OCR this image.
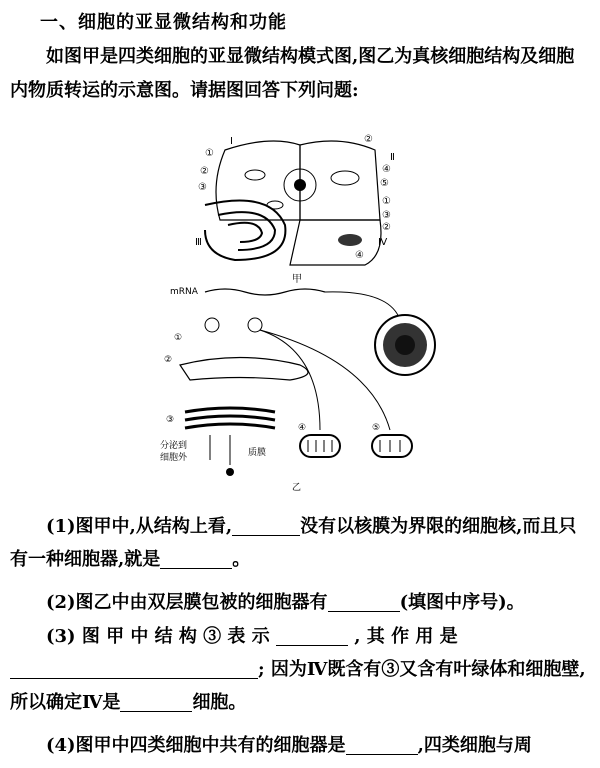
一、细胞的亚显微结构和功能
如图甲是四类细胞的亚显微结构模式图,图乙为真核细胞结构及细胞内物质转运的示意图。请据图回答下列问题:
Ⅰ
Ⅱ
Ⅲ	Ⅳ
①
②
③
②
④
⑤
①
③
②
④
甲
mRNA
①
②
③
分泌到
细胞外	质膜
④	⑤
乙
(1)图甲中,从结构上看,	没有以核膜为界限的细胞核,而且只有一种细胞器,就是	。
(2)图乙中由双层膜包被的细胞器有	(填图中序号)。
(3) 图 甲 中 结 构 ③ 表 示	, 其 作 用 是
; 因为Ⅳ既含有③又含有叶绿体和细胞壁,所以确定Ⅳ是	细胞。
(4)图甲中四类细胞中共有的细胞器是	,四类细胞与周
